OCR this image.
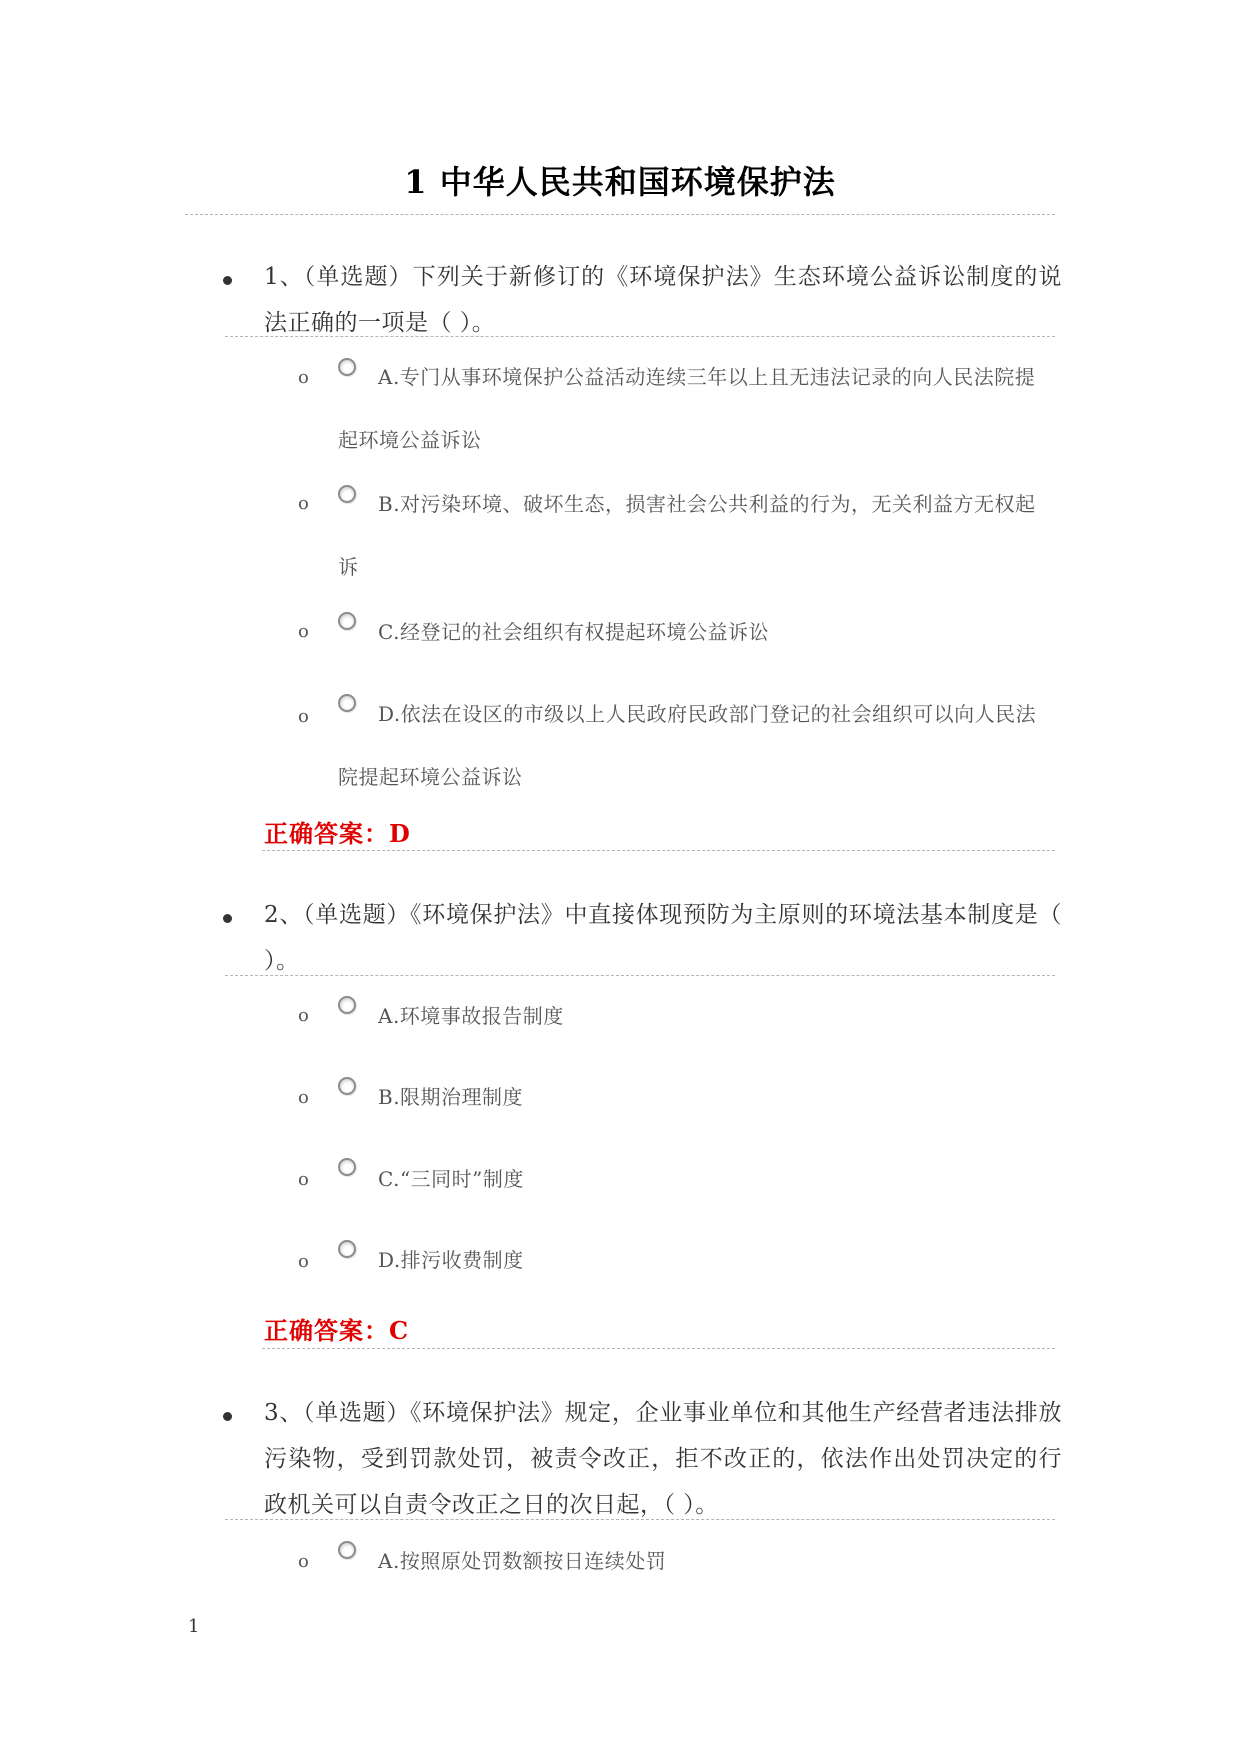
1 中华人民共和国环境保护法

1、（单选题）下列关于新修订的《环境保护法》生态环境公益诉讼制度的说法正确的一项是（ ）。

o	A.专门从事环境保护公益活动连续三年以上且无违法记录的向人民法院提起环境公益诉讼

o	B.对污染环境、破坏生态，损害社会公共利益的行为，无关利益方无权起诉

o	C.经登记的社会组织有权提起环境公益诉讼

o	D.依法在设区的市级以上人民政府民政部门登记的社会组织可以向人民法院提起环境公益诉讼

正确答案：D

2、（单选题）《环境保护法》中直接体现预防为主原则的环境法基本制度是（ ）。

o	A.环境事故报告制度

o	B.限期治理制度

o	C.“三同时”制度

o	D.排污收费制度

正确答案：C

3、（单选题）《环境保护法》规定，企业事业单位和其他生产经营者违法排放污染物，受到罚款处罚，被责令改正，拒不改正的，依法作出处罚决定的行政机关可以自责令改正之日的次日起，（ ）。

o	A.按照原处罚数额按日连续处罚

1
